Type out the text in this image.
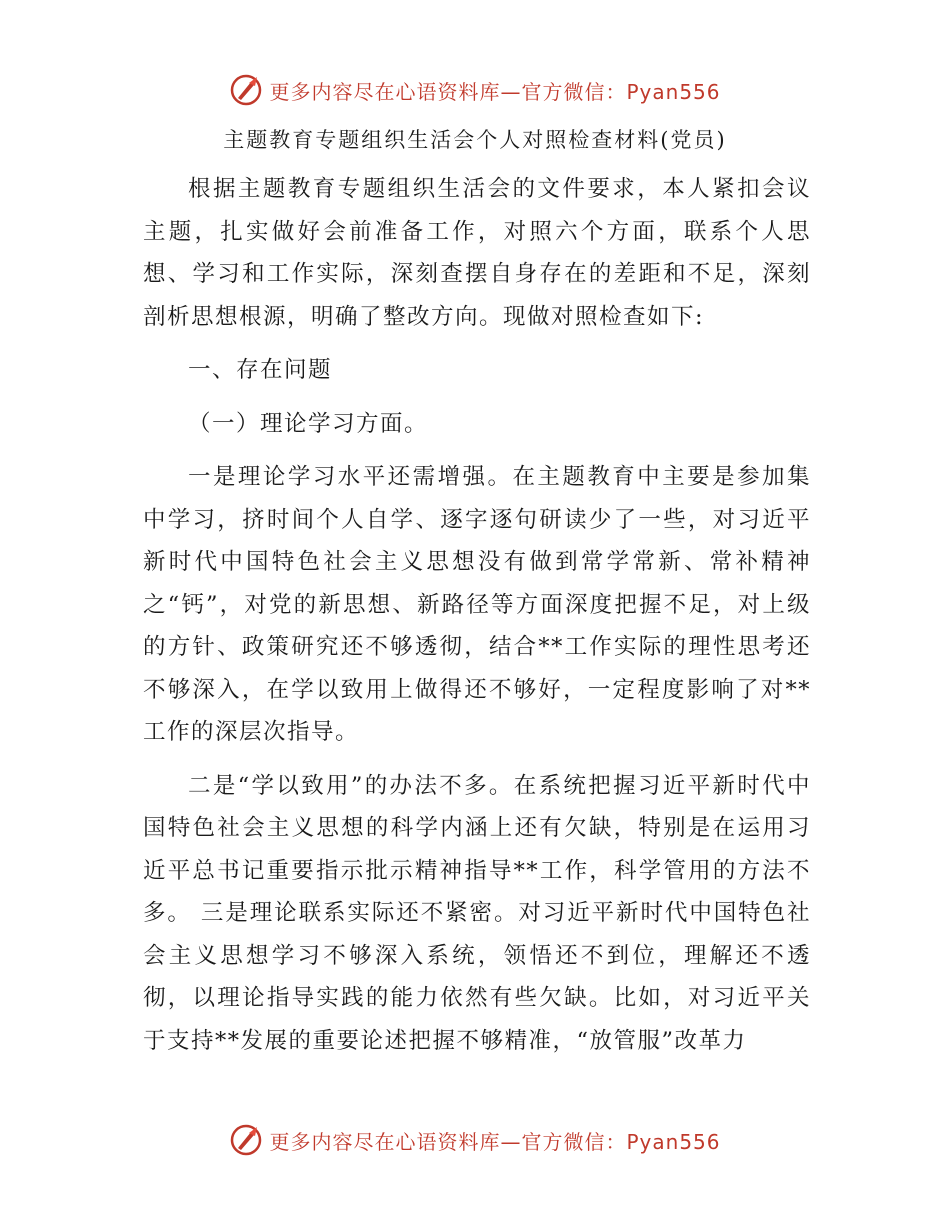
更多内容尽在心语资料库—官方微信：Pyan556
主题教育专题组织生活会个人对照检查材料(党员)

根据主题教育专题组织生活会的文件要求，本人紧扣会议主题，扎实做好会前准备工作，对照六个方面，联系个人思想、学习和工作实际，深刻查摆自身存在的差距和不足，深刻剖析思想根源，明确了整改方向。现做对照检查如下:

一、存在问题

（一）理论学习方面。

一是理论学习水平还需增强。在主题教育中主要是参加集中学习，挤时间个人自学、逐字逐句研读少了一些，对习近平新时代中国特色社会主义思想没有做到常学常新、常补精神之“钙”，对党的新思想、新路径等方面深度把握不足，对上级的方针、政策研究还不够透彻，结合**工作实际的理性思考还不够深入，在学以致用上做得还不够好，一定程度影响了对**工作的深层次指导。

二是“学以致用”的办法不多。在系统把握习近平新时代中国特色社会主义思想的科学内涵上还有欠缺，特别是在运用习近平总书记重要指示批示精神指导**工作，科学管用的方法不多。 三是理论联系实际还不紧密。对习近平新时代中国特色社会主义思想学习不够深入系统，领悟还不到位，理解还不透彻，以理论指导实践的能力依然有些欠缺。比如，对习近平关于支持**发展的重要论述把握不够精准，“放管服”改革力

更多内容尽在心语资料库—官方微信：Pyan556
